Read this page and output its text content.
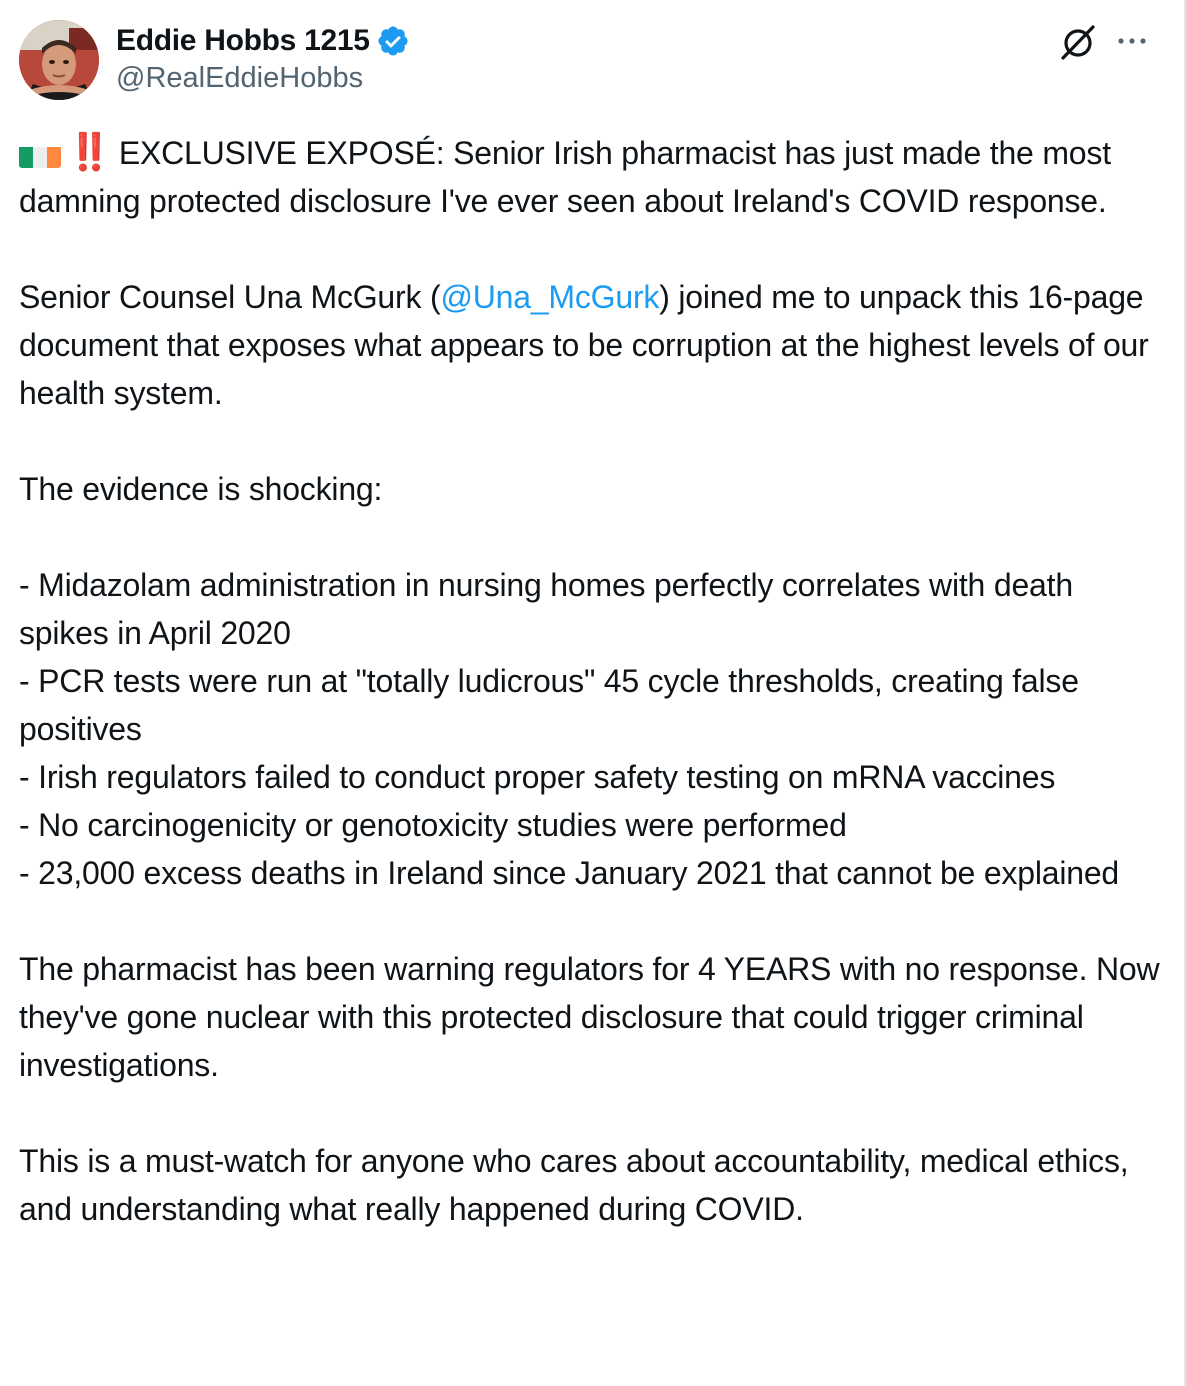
Eddie Hobbs 1215
@RealEddieHobbs

‼️ EXCLUSIVE EXPOSÉ: Senior Irish pharmacist has just made the most damning protected disclosure I've ever seen about Ireland's COVID response.

Senior Counsel Una McGurk (@Una_McGurk) joined me to unpack this 16-page document that exposes what appears to be corruption at the highest levels of our health system.

The evidence is shocking:

- Midazolam administration in nursing homes perfectly correlates with death spikes in April 2020

- PCR tests were run at "totally ludicrous" 45 cycle thresholds, creating false positives

- Irish regulators failed to conduct proper safety testing on mRNA vaccines

- No carcinogenicity or genotoxicity studies were performed

- 23,000 excess deaths in Ireland since January 2021 that cannot be explained

The pharmacist has been warning regulators for 4 YEARS with no response. Now they've gone nuclear with this protected disclosure that could trigger criminal investigations.

This is a must-watch for anyone who cares about accountability, medical ethics, and understanding what really happened during COVID.
